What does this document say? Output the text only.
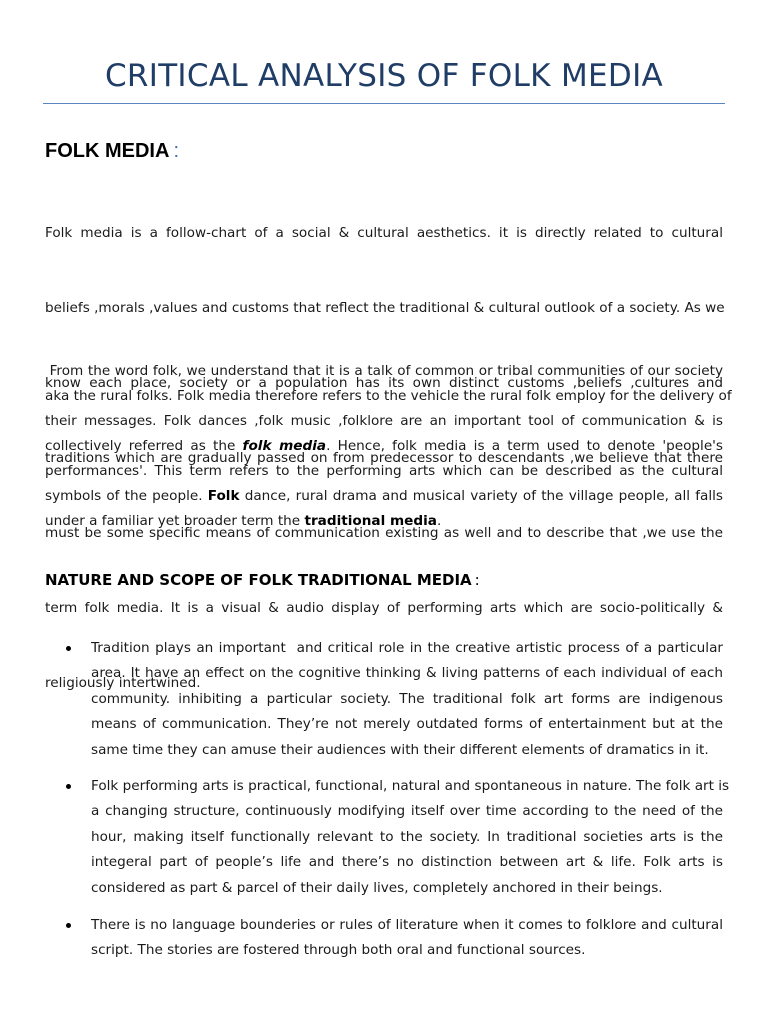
CRITICAL ANALYSIS OF FOLK MEDIA
FOLK MEDIA :

Folk media is a follow-chart of a social & cultural aesthetics. it is directly related to cultural

beliefs ,morals ,values and customs that reflect the traditional & cultural outlook of a society. As we

know each place, society or a population has its own distinct customs ,beliefs ,cultures and

traditions which are gradually passed on from predecessor to descendants ,we believe that there

must be some specific means of communication existing as well and to describe that ,we use the

term folk media. It is a visual & audio display of performing arts which are socio-politically &

religiously intertwined.

From the word folk, we understand that it is a talk of common or tribal communities of our society
aka the rural folks. Folk media therefore refers to the vehicle the rural folk employ for the delivery of
their messages. Folk dances ,folk music ,folklore are an important tool of communication & is
collectively referred as the folk media. Hence, folk media is a term used to denote 'people's
performances'. This term refers to the performing arts which can be described as the cultural
symbols of the people. Folk dance, rural drama and musical variety of the village people, all falls
under a familiar yet broader term the traditional media.

NATURE AND SCOPE OF FOLK TRADITIONAL MEDIA :

Tradition plays an important  and critical role in the creative artistic process of a particular
area. It have an effect on the cognitive thinking & living patterns of each individual of each
community. inhibiting a particular society. The traditional folk art forms are indigenous
means of communication. They’re not merely outdated forms of entertainment but at the
same time they can amuse their audiences with their different elements of dramatics in it.

Folk performing arts is practical, functional, natural and spontaneous in nature. The folk art is
a changing structure, continuously modifying itself over time according to the need of the
hour, making itself functionally relevant to the society. In traditional societies arts is the
integeral part of people’s life and there’s no distinction between art & life. Folk arts is
considered as part & parcel of their daily lives, completely anchored in their beings.

There is no language bounderies or rules of literature when it comes to folklore and cultural
script. The stories are fostered through both oral and functional sources.
